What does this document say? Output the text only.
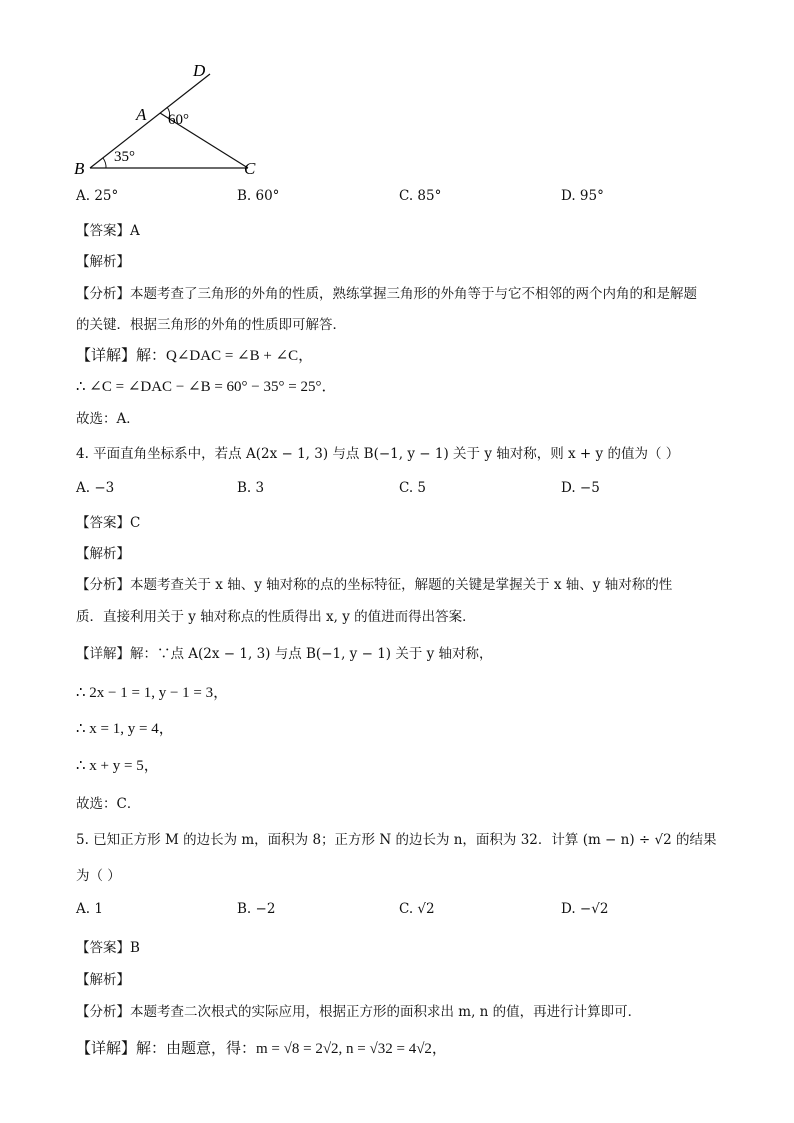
D
A
B	C
60°
35°
A. 25°	B. 60°	C. 85°	D. 95°
【答案】A
【解析】
【分析】本题考查了三角形的外角的性质，熟练掌握三角形的外角等于与它不相邻的两个内角的和是解题
的关键．根据三角形的外角的性质即可解答．
【详解】解：Q∠DAC = ∠B + ∠C，
∴ ∠C = ∠DAC − ∠B = 60° − 35° = 25°．
故选：A．
4. 平面直角坐标系中，若点 A(2x − 1, 3) 与点 B(−1, y − 1) 关于 y 轴对称，则 x + y 的值为（ ）
A. −3	B. 3	C. 5	D. −5
【答案】C
【解析】
【分析】本题考查关于 x 轴、y 轴对称的点的坐标特征，解题的关键是掌握关于 x 轴、y 轴对称的性
质．直接利用关于 y 轴对称点的性质得出 x, y 的值进而得出答案．
【详解】解：∵点 A(2x − 1, 3) 与点 B(−1, y − 1) 关于 y 轴对称，
∴ 2x − 1 = 1, y − 1 = 3，
∴ x = 1, y = 4，
∴ x + y = 5，
故选：C．
5. 已知正方形 M 的边长为 m，面积为 8；正方形 N 的边长为 n，面积为 32．计算 (m − n) ÷ √2 的结果
为（ ）
A. 1	B. −2	C. √2	D. −√2
【答案】B
【解析】
【分析】本题考查二次根式的实际应用，根据正方形的面积求出 m, n 的值，再进行计算即可．
【详解】解：由题意，得：m = √8 = 2√2, n = √32 = 4√2，
